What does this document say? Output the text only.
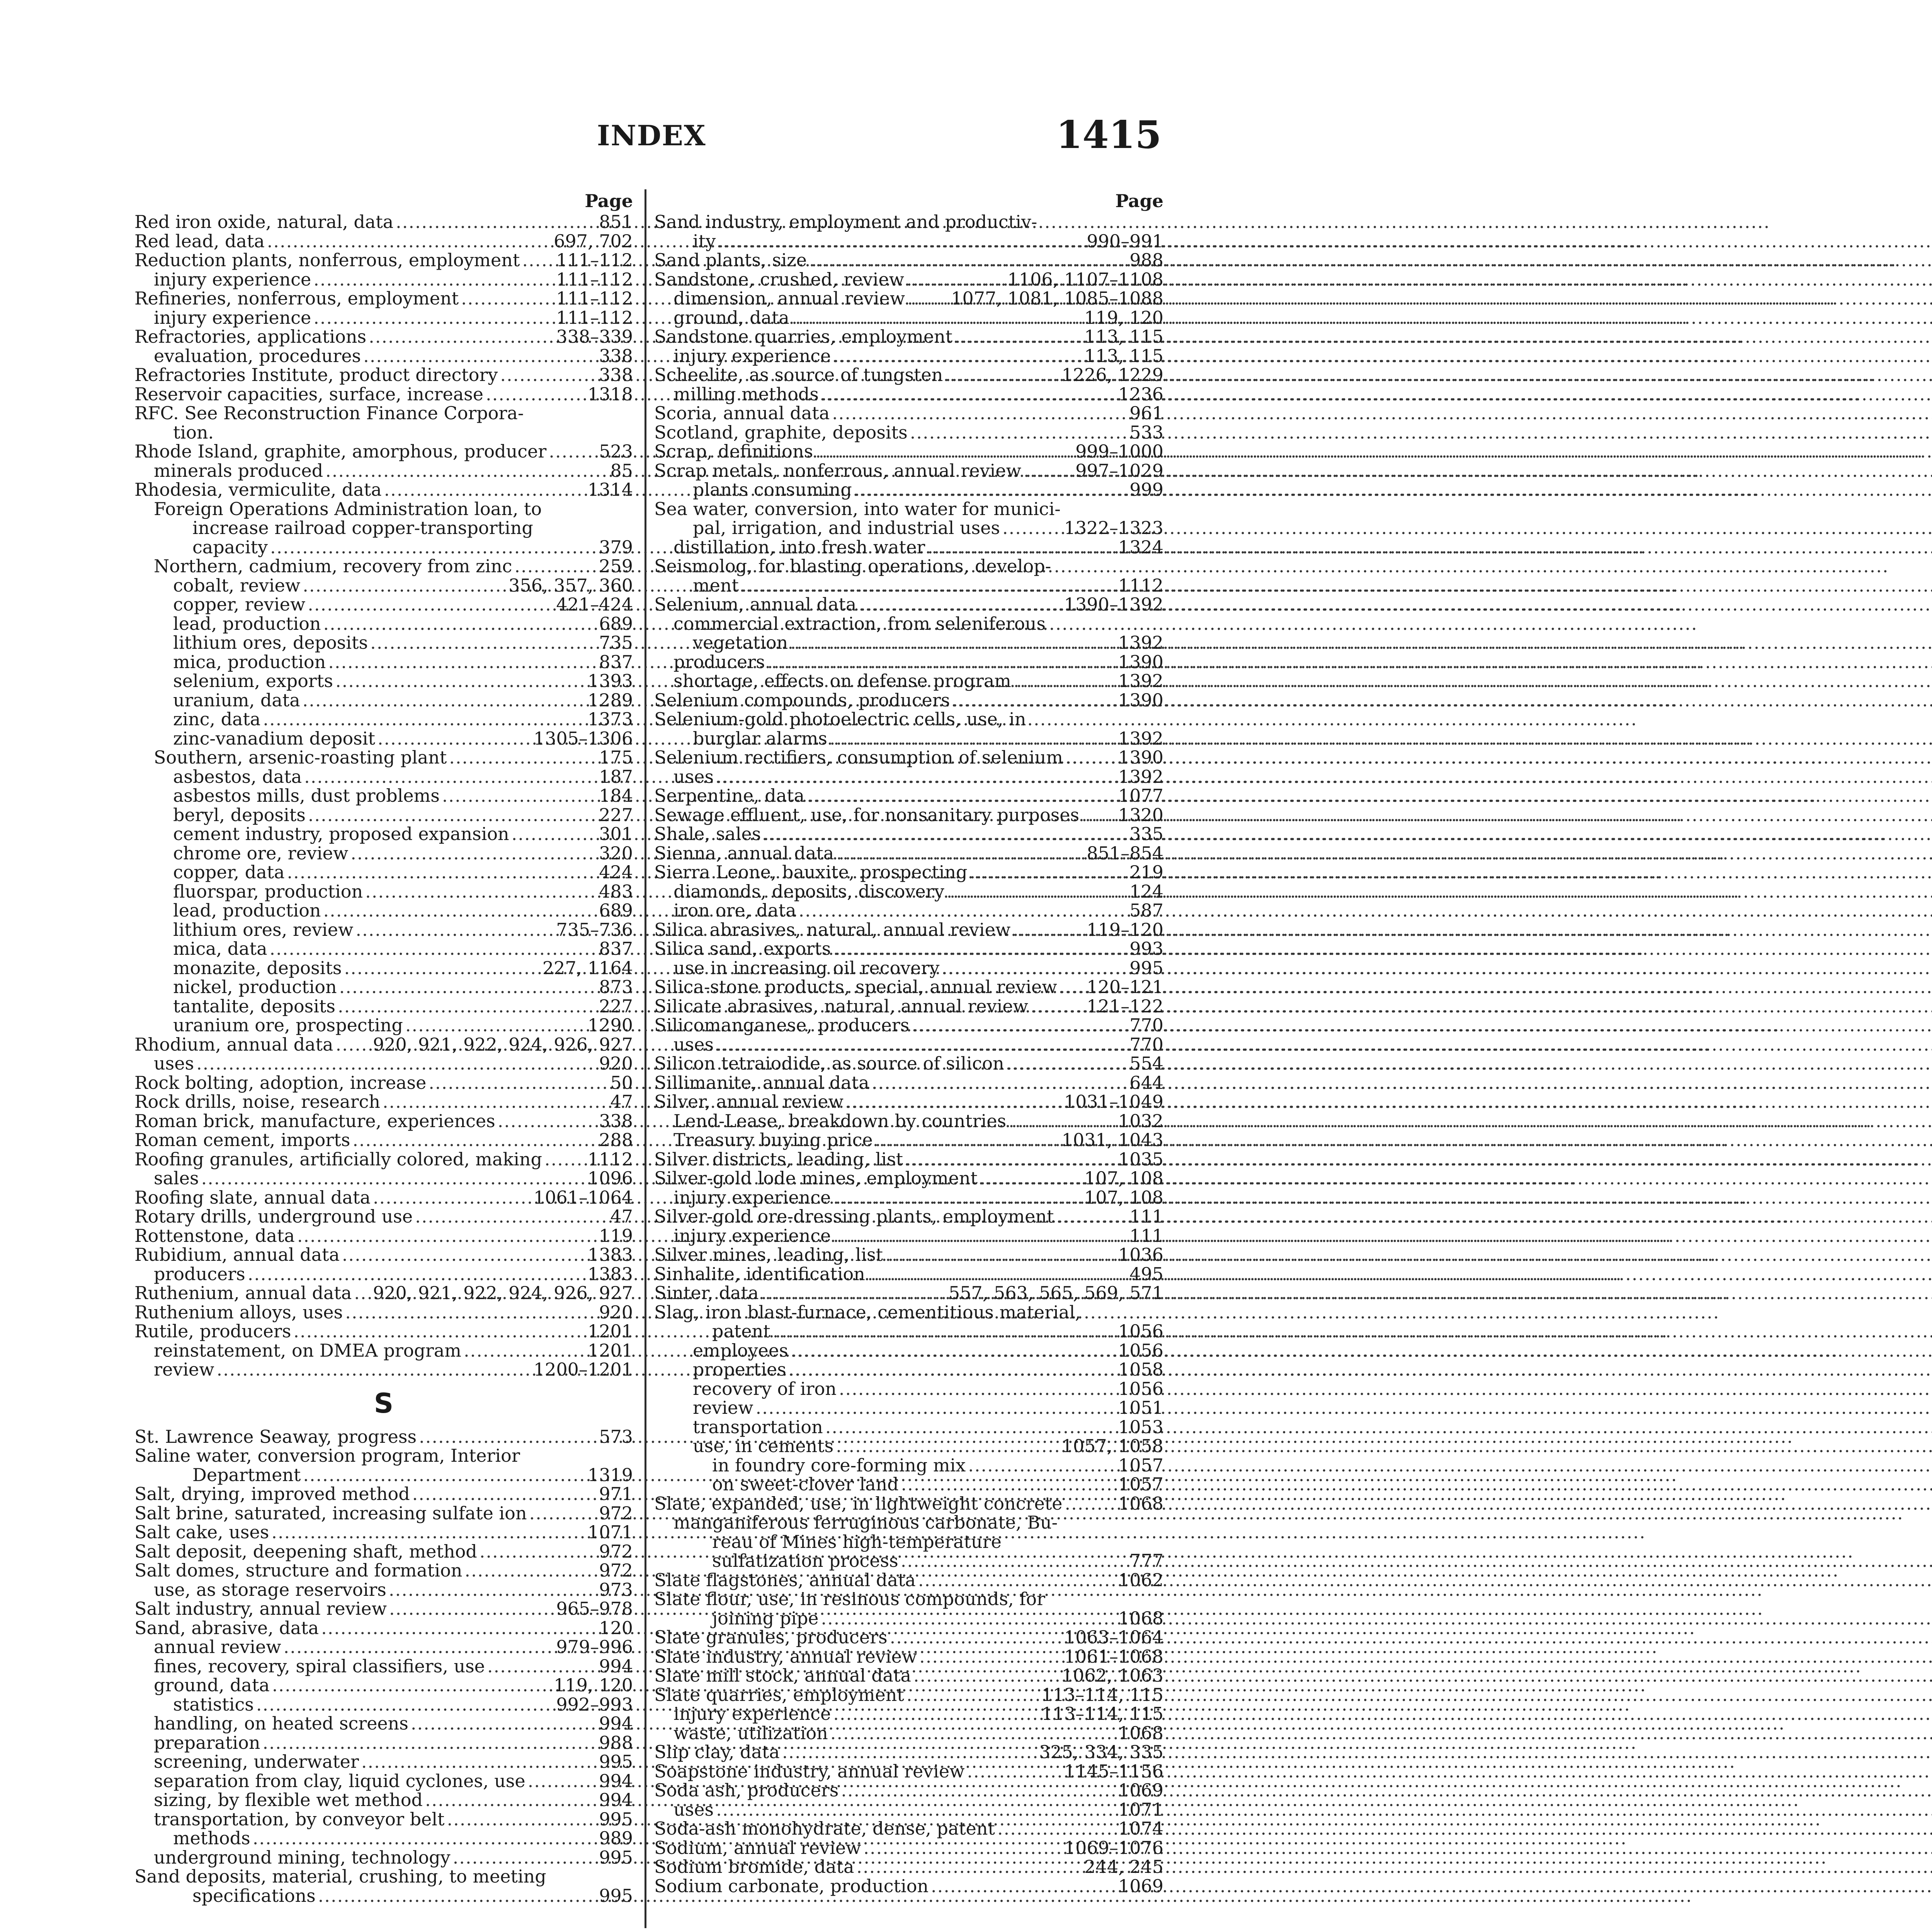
INDEX	1415
Page
Red iron oxide, natural, data .....	851
Red lead, data .....	697, 702
Reduction plants, nonferrous, employment ..... 111–112
injury experience .....	111–112
Refineries, nonferrous, employment .....	111–112
injury experience .....	111–112
Refractories, applications .....	338–339
evaluation, procedures .....	338
Refractories Institute, product directory .....	338
Reservoir capacities, surface, increase .....	1318
RFC. See Reconstruction Finance Corpora-
tion.
Rhode Island, graphite, amorphous, producer .....	523
minerals produced .....	85
Rhodesia, vermiculite, data .....	1314
Foreign Operations Administration loan, to
increase railroad copper-transporting
capacity .....	379
Northern, cadmium, recovery from zinc .....	259
cobalt, review .....	356, 357, 360
copper, review .....	421–424
lead, production .....	689
lithium ores, deposits .....	735
mica, production .....	837
selenium, exports .....	1393
uranium, data .....	1289
zinc, data .....	1373
zinc-vanadium deposit .....	1305–1306
Southern, arsenic-roasting plant .....	175
asbestos, data .....	187
asbestos mills, dust problems .....	184
beryl, deposits .....	227
cement industry, proposed expansion .....	301
chrome ore, review .....	320
copper, data .....	424
fluorspar, production .....	483
lead, production .....	689
lithium ores, review .....	735–736
mica, data .....	837
monazite, deposits .....	227, 1164
nickel, production .....	873
tantalite, deposits .....	227
uranium ore, prospecting .....	1290
Rhodium, annual data ..... 920, 921, 922, 924, 926, 927
uses .....	920
Rock bolting, adoption, increase .....	50
Rock drills, noise, research .....	47
Roman brick, manufacture, experiences .....	338
Roman cement, imports .....	288
Roofing granules, artificially colored, making .....	1112
sales .....	1096
Roofing slate, annual data .....	1061–1064
Rotary drills, underground use .....	47
Rottenstone, data .....	119
Rubidium, annual data .....	1383
producers .....	1383
Ruthenium, annual data ..... 920, 921, 922, 924, 926, 927
Ruthenium alloys, uses .....	920
Rutile, producers .....	1201
reinstatement, on DMEA program .....	1201
review .....	1200–1201
S
St. Lawrence Seaway, progress .....	573
Saline water, conversion program, Interior
Department .....	1319
Salt, drying, improved method .....	971
Salt brine, saturated, increasing sulfate ion .....	972
Salt cake, uses .....	1071
Salt deposit, deepening shaft, method .....	972
Salt domes, structure and formation .....	972
use, as storage reservoirs .....	973
Salt industry, annual review .....	965–978
Sand, abrasive, data .....	120
annual review .....	979–996
fines, recovery, spiral classifiers, use .....	994
ground, data .....	119, 120
statistics .....	992–993
handling, on heated screens .....	994
preparation .....	988
screening, underwater .....	995
separation from clay, liquid cyclones, use .....	994
sizing, by flexible wet method .....	994
transportation, by conveyor belt .....	995
methods .....	989
underground mining, technology .....	995
Sand deposits, material, crushing, to meeting
specifications .....	995
Page
Sand industry, employment and productiv-
ity .....	990–991
Sand plants, size .....	988
Sandstone, crushed, review .....	1106, 1107–1108
dimension, annual review .....	1077, 1081, 1085–1088
ground, data .....	119, 120
Sandstone quarries, employment .....	113, 115
injury experience .....	113, 115
Scheelite, as source of tungsten .....	1226, 1229
milling methods .....	1236
Scoria, annual data .....	961
Scotland, graphite, deposits .....	533
Scrap, definitions .....	999–1000
Scrap metals, nonferrous, annual review .....	997–1029
plants consuming .....	999
Sea water, conversion, into water for munici-
pal, irrigation, and industrial uses .....	1322–1323
distillation, into fresh water .....	1324
Seismolog, for blasting operations, develop-
ment .....	1112
Selenium, annual data .....	1390–1392
commercial extraction, from seleniferous
vegetation .....	1392
producers .....	1390
shortage, effects on defense program .....	1392
Selenium compounds, producers .....	1390
Selenium-gold photoelectric cells, use, in
burglar alarms .....	1392
Selenium rectifiers, consumption of selenium .....	1390
uses .....	1392
Serpentine, data .....	1077
Sewage effluent, use, for nonsanitary purposes ..... 1320
Shale, sales .....	335
Sienna, annual data .....	851–854
Sierra Leone, bauxite, prospecting .....	219
diamonds, deposits, discovery .....	124
iron ore, data .....	587
Silica abrasives, natural, annual review .....	119–120
Silica sand, exports .....	993
use in increasing oil recovery .....	995
Silica-stone products, special, annual review ..... 120–121
Silicate abrasives, natural, annual review .....	121–122
Silicomanganese, producers .....	770
uses .....	770
Silicon tetraiodide, as source of silicon .....	554
Sillimanite, annual data .....	644
Silver, annual review .....	1031–1049
Lend-Lease, breakdown by countries .....	1032
Treasury buying price .....	1031, 1043
Silver districts, leading, list .....	1035
Silver-gold lode mines, employment .....	107, 108
injury experience .....	107, 108
Silver-gold ore-dressing plants, employment .....	111
injury experience .....	111
Silver mines, leading, list .....	1036
Sinhalite, identification .....	495
Sinter, data .....	557, 563, 565, 569, 571
Slag, iron blast-furnace, cementitious material,
patent .....	1056
employees .....	1056
properties .....	1058
recovery of iron .....	1056
review .....	1051
transportation .....	1053
use, in cements .....	1057, 1058
in foundry core-forming mix .....	1057
on sweet-clover land .....	1057
Slate, expanded, use, in lightweight concrete .....	1068
manganiferous ferruginous carbonate, Bu-
reau of Mines high-temperature
sulfatization process .....	777
Slate flagstones, annual data .....	1062
Slate flour, use, in resinous compounds, for
joining pipe .....	1068
Slate granules, producers .....	1063–1064
Slate industry, annual review .....	1061–1068
Slate mill stock, annual data .....	1062, 1063
Slate quarries, employment .....	113–114, 115
injury experience .....	113–114, 115
waste, utilization .....	1068
Slip clay, data .....	325, 334, 335
Soapstone industry, annual review .....	1145–1156
Soda ash, producers .....	1069
uses .....	1071
Soda-ash monohydrate, dense, patent .....	1074
Sodium, annual review .....	1069–1076
Sodium bromide, data .....	244, 245
Sodium carbonate, production .....	1069
